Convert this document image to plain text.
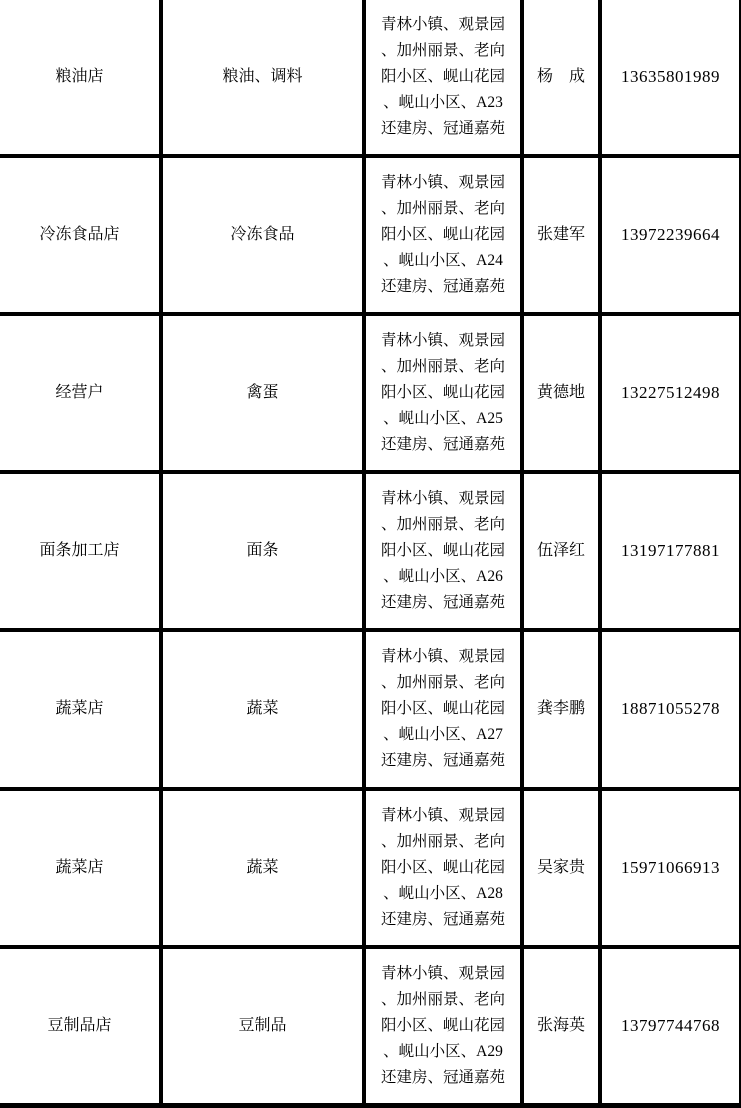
粮油店	粮油、调料	青林小镇、观景园
、加州丽景、老向
阳小区、岘山花园
、岘山小区、A23
还建房、冠通嘉苑	杨　成	13635801989
冷冻食品店	冷冻食品	青林小镇、观景园
、加州丽景、老向
阳小区、岘山花园
、岘山小区、A24
还建房、冠通嘉苑	张建军	13972239664
经营户	禽蛋	青林小镇、观景园
、加州丽景、老向
阳小区、岘山花园
、岘山小区、A25
还建房、冠通嘉苑	黄德地	13227512498
面条加工店	面条	青林小镇、观景园
、加州丽景、老向
阳小区、岘山花园
、岘山小区、A26
还建房、冠通嘉苑	伍泽红	13197177881
蔬菜店	蔬菜	青林小镇、观景园
、加州丽景、老向
阳小区、岘山花园
、岘山小区、A27
还建房、冠通嘉苑	龚李鹏	18871055278
蔬菜店	蔬菜	青林小镇、观景园
、加州丽景、老向
阳小区、岘山花园
、岘山小区、A28
还建房、冠通嘉苑	吴家贵	15971066913
豆制品店	豆制品	青林小镇、观景园
、加州丽景、老向
阳小区、岘山花园
、岘山小区、A29
还建房、冠通嘉苑	张海英	13797744768
